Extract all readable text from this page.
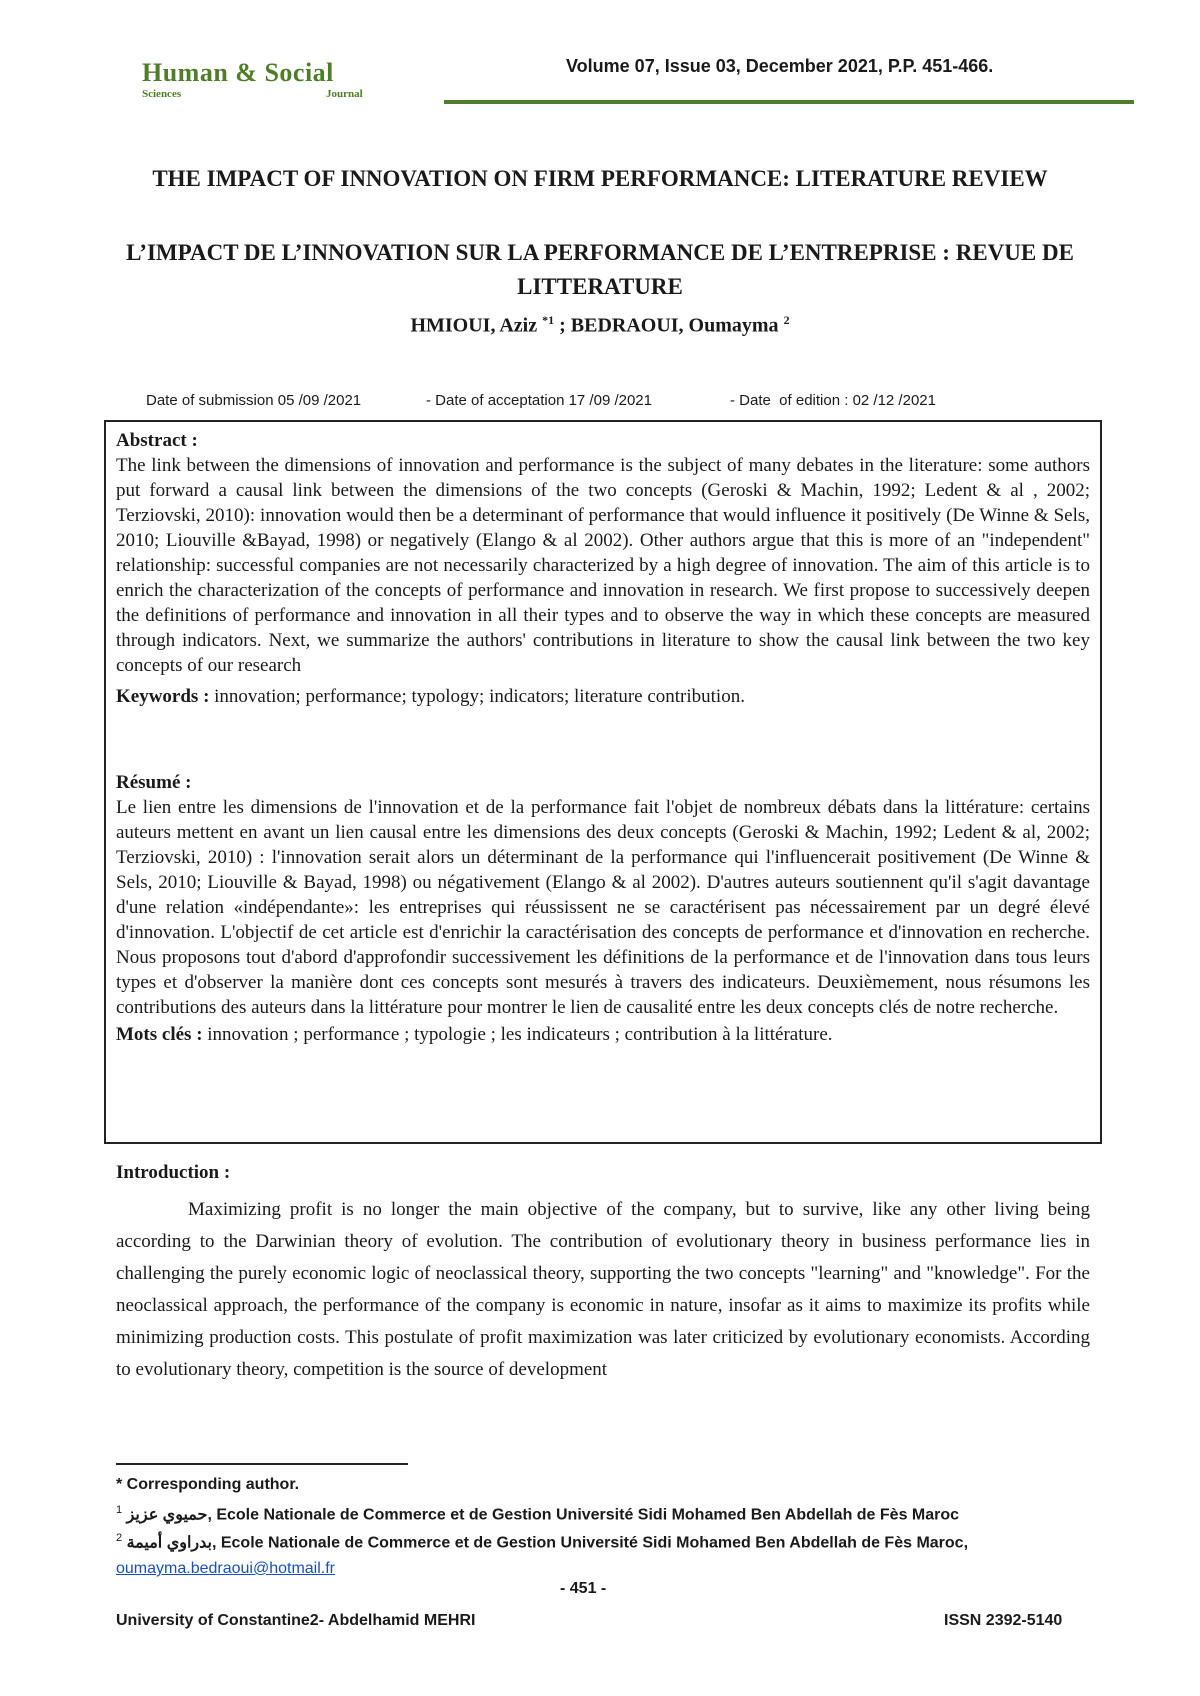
Human & Social
Sciences	Journal
Volume 07, Issue 03, December 2021, P.P. 451-466.
THE IMPACT OF INNOVATION ON FIRM PERFORMANCE: LITERATURE REVIEW
L’IMPACT DE L’INNOVATION SUR LA PERFORMANCE DE L’ENTREPRISE : REVUE DE LITTERATURE
HMIOUI, Aziz $^{*1}$ ; BEDRAOUI, Oumayma $^2$

Date of submission 05 /09 /2021

	- Date of acceptation 17 /09 /2021

	- Date  of edition : 02 /12 /2021

Abstract :
The link between the dimensions of innovation and performance is the subject of many debates in the literature: some authors put forward a causal link between the dimensions of the two concepts (Geroski & Machin, 1992; Ledent & al , 2002; Terziovski, 2010): innovation would then be a determinant of performance that would influence it positively (De Winne & Sels, 2010; Liouville &Bayad, 1998) or negatively (Elango & al 2002). Other authors argue that this is more of an "independent" relationship: successful companies are not necessarily characterized by a high degree of innovation. The aim of this article is to enrich the characterization of the concepts of performance and innovation in research. We first propose to successively deepen the definitions of performance and innovation in all their types and to observe the way in which these concepts are measured through indicators. Next, we summarize the authors' contributions in literature to show the causal link between the two key concepts of our research
Keywords : innovation; performance; typology; indicators; literature contribution.
Résumé :
Le lien entre les dimensions de l'innovation et de la performance fait l'objet de nombreux débats dans la littérature: certains auteurs mettent en avant un lien causal entre les dimensions des deux concepts (Geroski & Machin, 1992; Ledent & al, 2002; Terziovski, 2010) : l'innovation serait alors un déterminant de la performance qui l'influencerait positivement (De Winne & Sels, 2010; Liouville & Bayad, 1998) ou négativement (Elango & al 2002). D'autres auteurs soutiennent qu'il s'agit davantage d'une relation «indépendante»: les entreprises qui réussissent ne se caractérisent pas nécessairement par un degré élevé d'innovation. L'objectif de cet article est d'enrichir la caractérisation des concepts de performance et d'innovation en recherche. Nous proposons tout d'abord d'approfondir successivement les définitions de la performance et de l'innovation dans tous leurs types et d'observer la manière dont ces concepts sont mesurés à travers des indicateurs. Deuxièmement, nous résumons les contributions des auteurs dans la littérature pour montrer le lien de causalité entre les deux concepts clés de notre recherche.
Mots clés : innovation ; performance ; typologie ; les indicateurs ; contribution à la littérature.
Introduction :
Maximizing profit is no longer the main objective of the company, but to survive, like any other living being according to the Darwinian theory of evolution. The contribution of evolutionary theory in business performance lies in challenging the purely economic logic of neoclassical theory, supporting the two concepts "learning" and "knowledge". For the neoclassical approach, the performance of the company is economic in nature, insofar as it aims to maximize its profits while minimizing production costs. This postulate of profit maximization was later criticized by evolutionary economists. According to evolutionary theory, competition is the source of development
* Corresponding author.
$^1$ حميوي عزيز, Ecole Nationale de Commerce et de Gestion Université Sidi Mohamed Ben Abdellah de Fès Maroc
$^2$ بدراوي أميمة, Ecole Nationale de Commerce et de Gestion Université Sidi Mohamed Ben Abdellah de Fès Maroc,
oumayma.bedraoui@hotmail.fr
- 451 -
University of Constantine2- Abdelhamid MEHRI	ISSN 2392-5140
